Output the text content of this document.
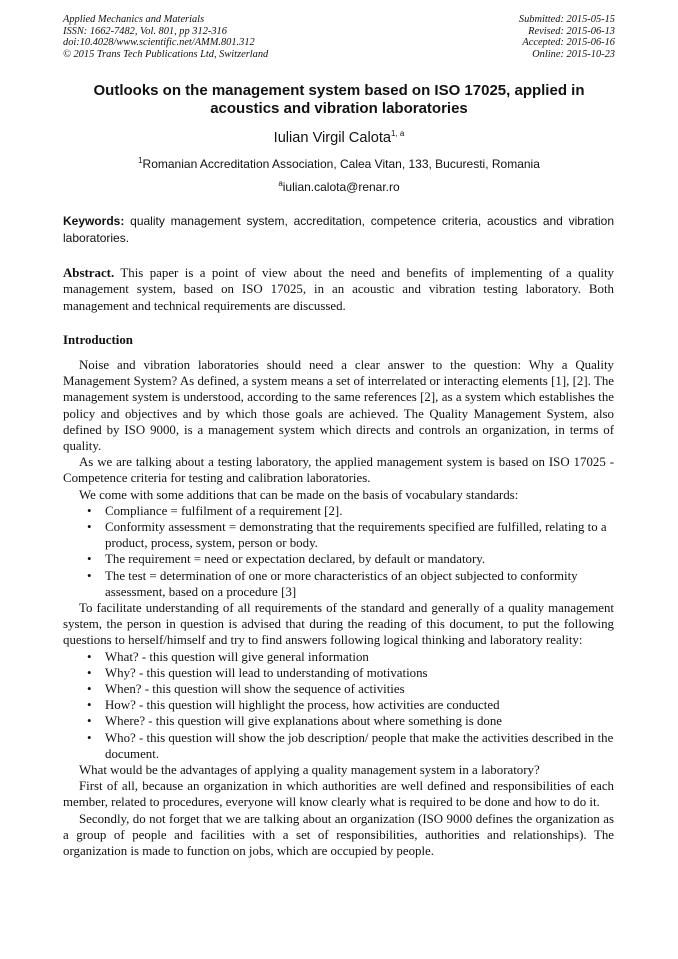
Applied Mechanics and Materials
ISSN: 1662-7482, Vol. 801, pp 312-316
doi:10.4028/www.scientific.net/AMM.801.312
© 2015 Trans Tech Publications Ltd, Switzerland
Submitted: 2015-05-15
Revised: 2015-06-13
Accepted: 2015-06-16
Online: 2015-10-23
Outlooks on the management system based on ISO 17025, applied in acoustics and vibration laboratories
Iulian Virgil Calota$^{1, a}$
$^1$Romanian Accreditation Association, Calea Vitan, 133, Bucuresti, Romania
$^a$iulian.calota@renar.ro
Keywords: quality management system, accreditation, competence criteria, acoustics and vibration laboratories.
Abstract. This paper is a point of view about the need and benefits of implementing of a quality management system, based on ISO 17025, in an acoustic and vibration testing laboratory. Both management and technical requirements are discussed.
Introduction

Noise and vibration laboratories should need a clear answer to the question: Why a Quality Management System? As defined, a system means a set of interrelated or interacting elements [1], [2]. The management system is understood, according to the same references [2], as a system which establishes the policy and objectives and by which those goals are achieved. The Quality Management System, also defined by ISO 9000, is a management system which directs and controls an organization, in terms of quality.

As we are talking about a testing laboratory, the applied management system is based on ISO 17025 - Competence criteria for testing and calibration laboratories.

We come with some additions that can be made on the basis of vocabulary standards:

• Compliance = fulfilment of a requirement [2].
• Conformity assessment = demonstrating that the requirements specified are fulfilled, relating to a product, process, system, person or body.
• The requirement = need or expectation declared, by default or mandatory.
• The test = determination of one or more characteristics of an object subjected to conformity assessment, based on a procedure [3]

To facilitate understanding of all requirements of the standard and generally of a quality management system, the person in question is advised that during the reading of this document, to put the following questions to herself/himself and try to find answers following logical thinking and laboratory reality:

• What? - this question will give general information
• Why? - this question will lead to understanding of motivations
• When? - this question will show the sequence of activities
• How? - this question will highlight the process, how activities are conducted
• Where? - this question will give explanations about where something is done
• Who? - this question will show the job description/ people that make the activities described in the document.

What would be the advantages of applying a quality management system in a laboratory?

First of all, because an organization in which authorities are well defined and responsibilities of each member, related to procedures, everyone will know clearly what is required to be done and how to do it.

Secondly, do not forget that we are talking about an organization (ISO 9000 defines the organization as a group of people and facilities with a set of responsibilities, authorities and relationships). The organization is made to function on jobs, which are occupied by people.
